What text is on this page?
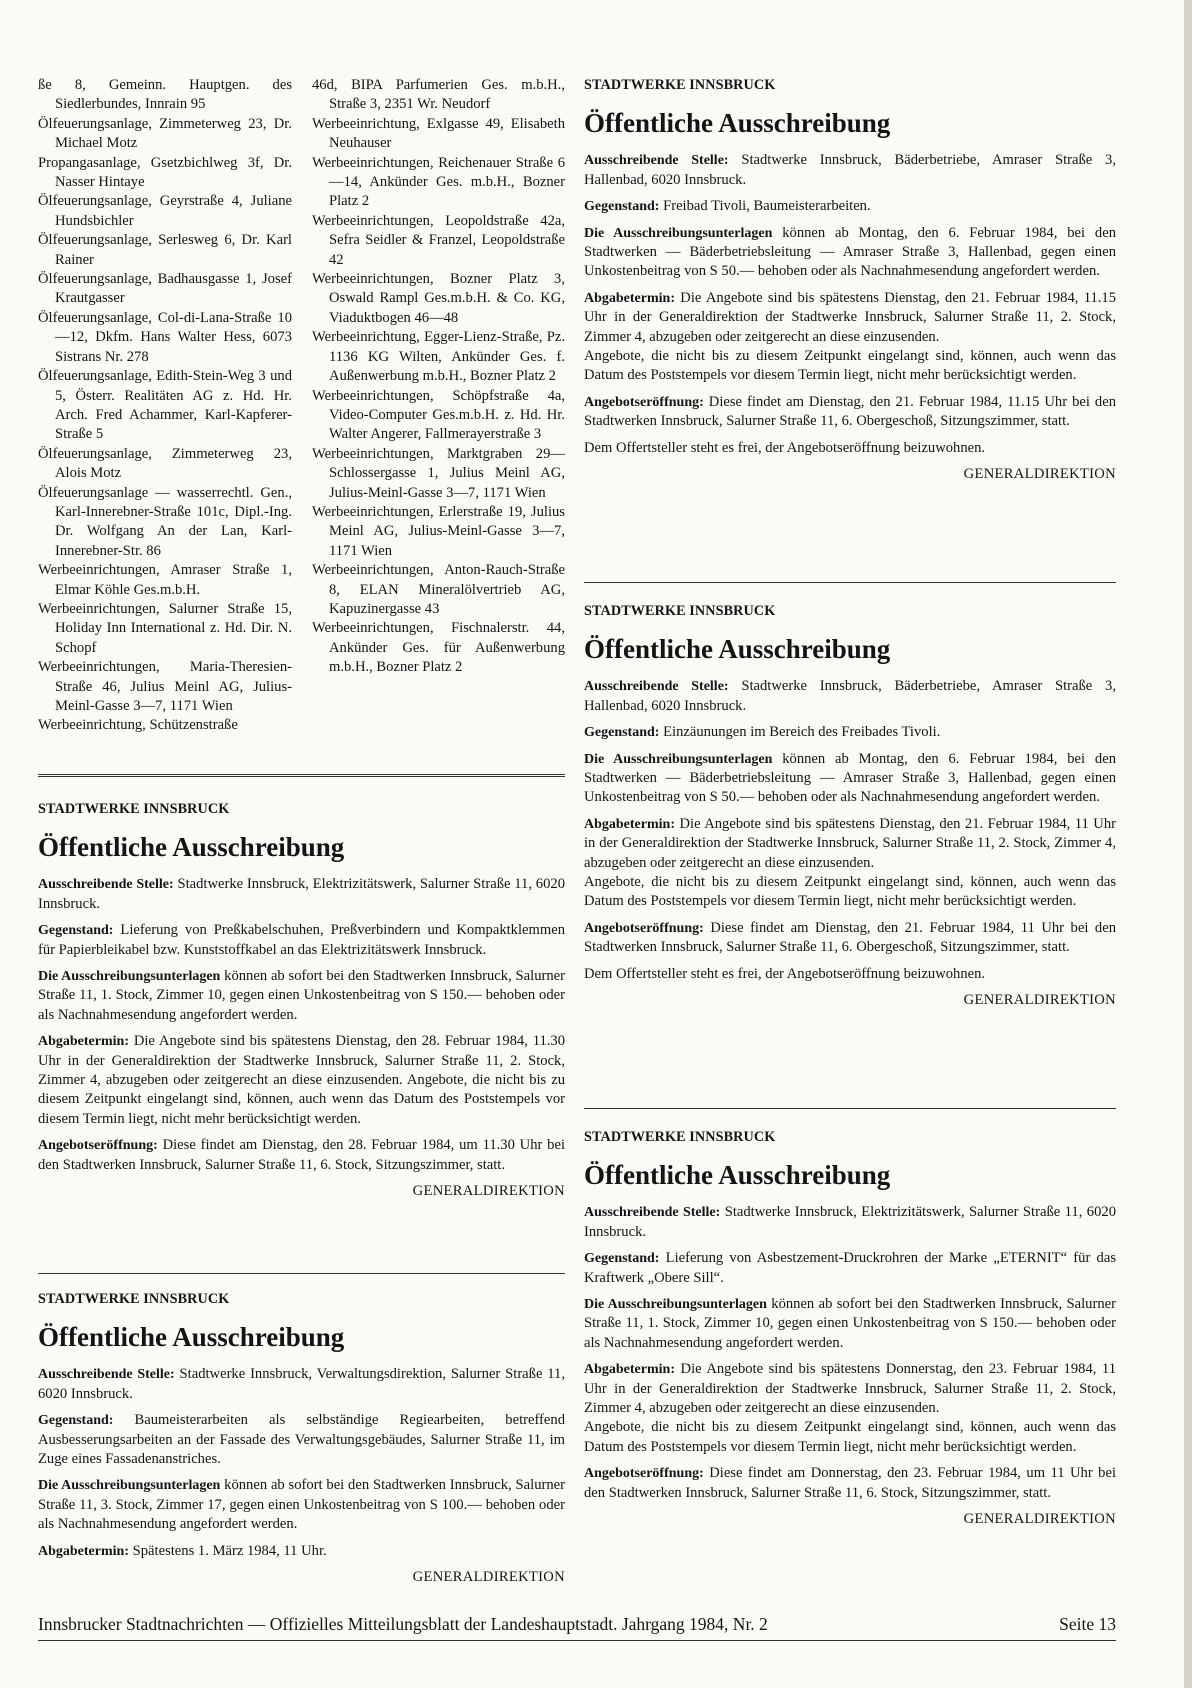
ße 8, Gemeinn. Hauptgen. des Siedlerbundes, Innrain 95
Ölfeuerungsanlage, Zimmeterweg 23, Dr. Michael Motz
Propangasanlage, Gsetzbichlweg 3f, Dr. Nasser Hintaye
Ölfeuerungsanlage, Geyrstraße 4, Juliane Hundsbichler
Ölfeuerungsanlage, Serlesweg 6, Dr. Karl Rainer
Ölfeuerungsanlage, Badhausgasse 1, Josef Krautgasser
Ölfeuerungsanlage, Col-di-Lana-Straße 10—12, Dkfm. Hans Walter Hess, 6073 Sistrans Nr. 278
Ölfeuerungsanlage, Edith-Stein-Weg 3 und 5, Österr. Realitäten AG z. Hd. Hr. Arch. Fred Achammer, Karl-Kapferer-Straße 5
Ölfeuerungsanlage, Zimmeterweg 23, Alois Motz
Ölfeuerungsanlage — wasserrechtl. Gen., Karl-Innerebner-Straße 101c, Dipl.-Ing. Dr. Wolfgang An der Lan, Karl-Innerebner-Str. 86
Werbeeinrichtungen, Amraser Straße 1, Elmar Köhle Ges.m.b.H.
Werbeeinrichtungen, Salurner Straße 15, Holiday Inn International z. Hd. Dir. N. Schopf
Werbeeinrichtungen, Maria-Theresien-Straße 46, Julius Meinl AG, Julius-Meinl-Gasse 3—7, 1171 Wien
Werbeeinrichtung, Schützenstraße
46d, BIPA Parfumerien Ges. m.b.H., Straße 3, 2351 Wr. Neudorf
Werbeeinrichtung, Exlgasse 49, Elisabeth Neuhauser
Werbeeinrichtungen, Reichenauer Straße 6—14, Ankünder Ges. m.b.H., Bozner Platz 2
Werbeeinrichtungen, Leopoldstraße 42a, Sefra Seidler & Franzel, Leopoldstraße 42
Werbeeinrichtungen, Bozner Platz 3, Oswald Rampl Ges.m.b.H. & Co. KG, Viaduktbogen 46—48
Werbeeinrichtung, Egger-Lienz-Straße, Pz. 1136 KG Wilten, Ankünder Ges. f. Außenwerbung m.b.H., Bozner Platz 2
Werbeeinrichtungen, Schöpfstraße 4a, Video-Computer Ges.m.b.H. z. Hd. Hr. Walter Angerer, Fallmerayerstraße 3
Werbeeinrichtungen, Marktgraben 29—Schlossergasse 1, Julius Meinl AG, Julius-Meinl-Gasse 3—7, 1171 Wien
Werbeeinrichtungen, Erlerstraße 19, Julius Meinl AG, Julius-Meinl-Gasse 3—7, 1171 Wien
Werbeeinrichtungen, Anton-Rauch-Straße 8, ELAN Mineralölvertrieb AG, Kapuzinergasse 43
Werbeeinrichtungen, Fischnalerstr. 44, Ankünder Ges. für Außenwerbung m.b.H., Bozner Platz 2
STADTWERKE INNSBRUCK
Öffentliche Ausschreibung

Ausschreibende Stelle: Stadtwerke Innsbruck, Elektrizitätswerk, Salurner Straße 11, 6020 Innsbruck.

Gegenstand: Lieferung von Preßkabelschuhen, Preßverbindern und Kompaktklemmen für Papierbleikabel bzw. Kunststoffkabel an das Elektrizitätswerk Innsbruck.

Die Ausschreibungsunterlagen können ab sofort bei den Stadtwerken Innsbruck, Salurner Straße 11, 1. Stock, Zimmer 10, gegen einen Unkostenbeitrag von S 150.— behoben oder als Nachnahmesendung angefordert werden.

Abgabetermin: Die Angebote sind bis spätestens Dienstag, den 28. Februar 1984, 11.30 Uhr in der Generaldirektion der Stadtwerke Innsbruck, Salurner Straße 11, 2. Stock, Zimmer 4, abzugeben oder zeitgerecht an diese einzusenden. Angebote, die nicht bis zu diesem Zeitpunkt eingelangt sind, können, auch wenn das Datum des Poststempels vor diesem Termin liegt, nicht mehr berücksichtigt werden.

Angebotseröffnung: Diese findet am Dienstag, den 28. Februar 1984, um 11.30 Uhr bei den Stadtwerken Innsbruck, Salurner Straße 11, 6. Stock, Sitzungszimmer, statt.

GENERALDIREKTION
STADTWERKE INNSBRUCK
Öffentliche Ausschreibung

Ausschreibende Stelle: Stadtwerke Innsbruck, Verwaltungsdirektion, Salurner Straße 11, 6020 Innsbruck.

Gegenstand: Baumeisterarbeiten als selbständige Regiearbeiten, betreffend Ausbesserungsarbeiten an der Fassade des Verwaltungsgebäudes, Salurner Straße 11, im Zuge eines Fassadenanstriches.

Die Ausschreibungsunterlagen können ab sofort bei den Stadtwerken Innsbruck, Salurner Straße 11, 3. Stock, Zimmer 17, gegen einen Unkostenbeitrag von S 100.— behoben oder als Nachnahmesendung angefordert werden.

Abgabetermin: Spätestens 1. März 1984, 11 Uhr.

GENERALDIREKTION
STADTWERKE INNSBRUCK
Öffentliche Ausschreibung

Ausschreibende Stelle: Stadtwerke Innsbruck, Bäderbetriebe, Amraser Straße 3, Hallenbad, 6020 Innsbruck.

Gegenstand: Freibad Tivoli, Baumeisterarbeiten.

Die Ausschreibungsunterlagen können ab Montag, den 6. Februar 1984, bei den Stadtwerken — Bäderbetriebsleitung — Amraser Straße 3, Hallenbad, gegen einen Unkostenbeitrag von S 50.— behoben oder als Nachnahmesendung angefordert werden.

Abgabetermin: Die Angebote sind bis spätestens Dienstag, den 21. Februar 1984, 11.15 Uhr in der Generaldirektion der Stadtwerke Innsbruck, Salurner Straße 11, 2. Stock, Zimmer 4, abzugeben oder zeitgerecht an diese einzusenden.

Angebote, die nicht bis zu diesem Zeitpunkt eingelangt sind, können, auch wenn das Datum des Poststempels vor diesem Termin liegt, nicht mehr berücksichtigt werden.

Angebotseröffnung: Diese findet am Dienstag, den 21. Februar 1984, 11.15 Uhr bei den Stadtwerken Innsbruck, Salurner Straße 11, 6. Obergeschoß, Sitzungszimmer, statt.

Dem Offertsteller steht es frei, der Angebotseröffnung beizuwohnen.

GENERALDIREKTION
STADTWERKE INNSBRUCK
Öffentliche Ausschreibung

Ausschreibende Stelle: Stadtwerke Innsbruck, Bäderbetriebe, Amraser Straße 3, Hallenbad, 6020 Innsbruck.

Gegenstand: Einzäunungen im Bereich des Freibades Tivoli.

Die Ausschreibungsunterlagen können ab Montag, den 6. Februar 1984, bei den Stadtwerken — Bäderbetriebsleitung — Amraser Straße 3, Hallenbad, gegen einen Unkostenbeitrag von S 50.— behoben oder als Nachnahmesendung angefordert werden.

Abgabetermin: Die Angebote sind bis spätestens Dienstag, den 21. Februar 1984, 11 Uhr in der Generaldirektion der Stadtwerke Innsbruck, Salurner Straße 11, 2. Stock, Zimmer 4, abzugeben oder zeitgerecht an diese einzusenden.

Angebote, die nicht bis zu diesem Zeitpunkt eingelangt sind, können, auch wenn das Datum des Poststempels vor diesem Termin liegt, nicht mehr berücksichtigt werden.

Angebotseröffnung: Diese findet am Dienstag, den 21. Februar 1984, 11 Uhr bei den Stadtwerken Innsbruck, Salurner Straße 11, 6. Obergeschoß, Sitzungszimmer, statt.

Dem Offertsteller steht es frei, der Angebotseröffnung beizuwohnen.

GENERALDIREKTION
STADTWERKE INNSBRUCK
Öffentliche Ausschreibung

Ausschreibende Stelle: Stadtwerke Innsbruck, Elektrizitätswerk, Salurner Straße 11, 6020 Innsbruck.

Gegenstand: Lieferung von Asbestzement-Druckrohren der Marke „ETERNIT“ für das Kraftwerk „Obere Sill“.

Die Ausschreibungsunterlagen können ab sofort bei den Stadtwerken Innsbruck, Salurner Straße 11, 1. Stock, Zimmer 10, gegen einen Unkostenbeitrag von S 150.— behoben oder als Nachnahmesendung angefordert werden.

Abgabetermin: Die Angebote sind bis spätestens Donnerstag, den 23. Februar 1984, 11 Uhr in der Generaldirektion der Stadtwerke Innsbruck, Salurner Straße 11, 2. Stock, Zimmer 4, abzugeben oder zeitgerecht an diese einzusenden.

Angebote, die nicht bis zu diesem Zeitpunkt eingelangt sind, können, auch wenn das Datum des Poststempels vor diesem Termin liegt, nicht mehr berücksichtigt werden.

Angebotseröffnung: Diese findet am Donnerstag, den 23. Februar 1984, um 11 Uhr bei den Stadtwerken Innsbruck, Salurner Straße 11, 6. Stock, Sitzungszimmer, statt.

GENERALDIREKTION
Innsbrucker Stadtnachrichten — Offizielles Mitteilungsblatt der Landeshauptstadt. Jahrgang 1984, Nr. 2	Seite 13
